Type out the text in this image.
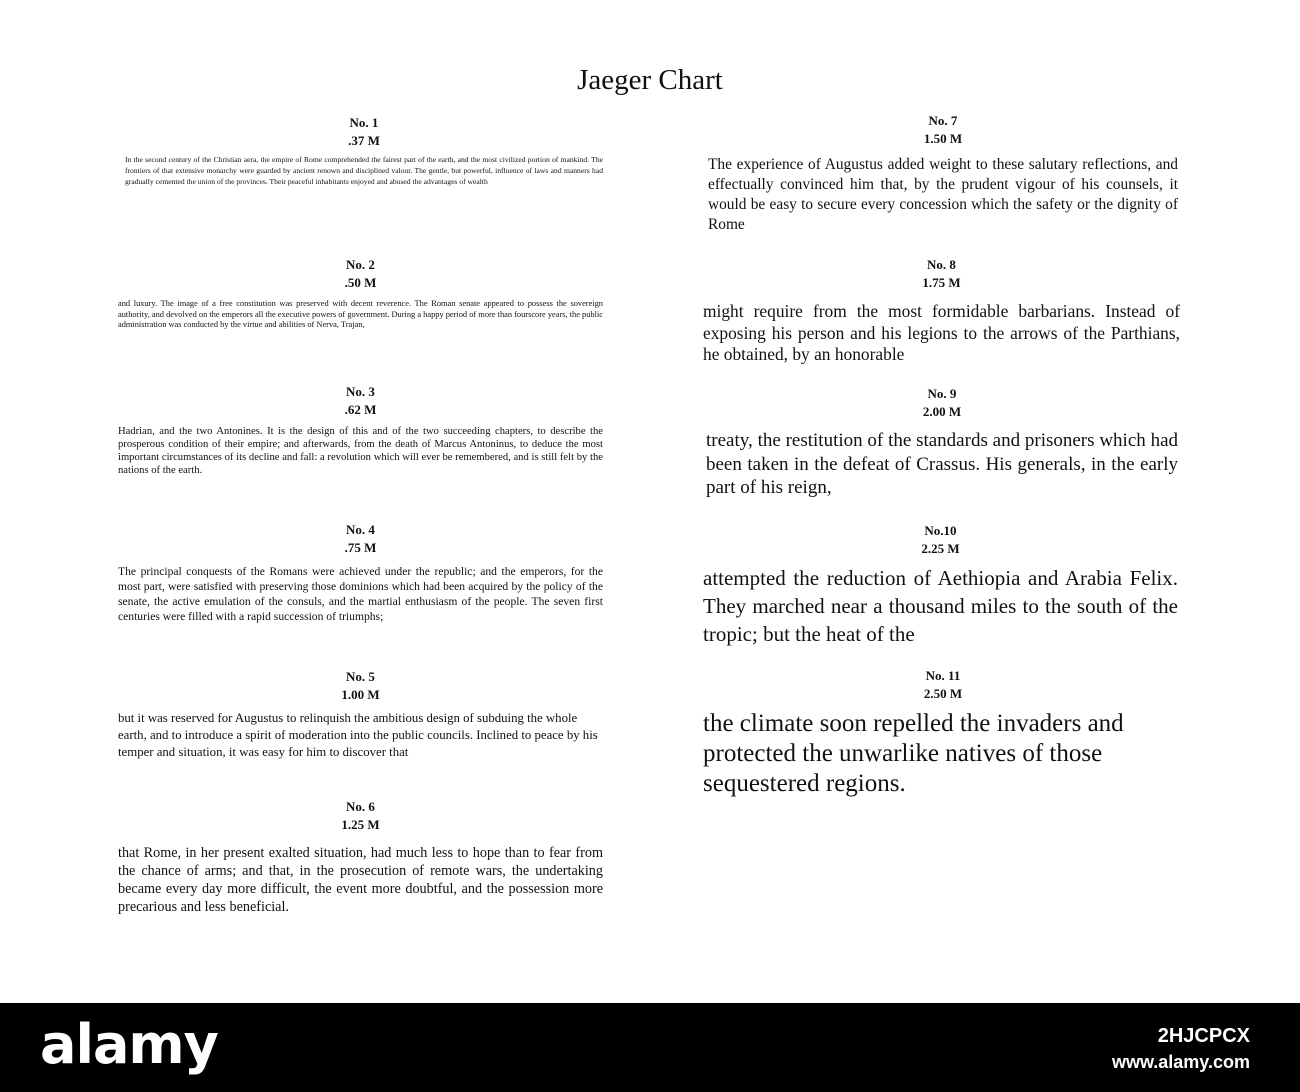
Jaeger Chart
No. 1
.37 M
In the second century of the Christian aera, the empire of Rome comprehended the fairest part of the earth, and the most civilized portion of mankind. The frontiers of that extensive monarchy were guarded by ancient renown and disciplined valour. The gentle, but powerful, influence of laws and manners had gradually cemented the union of the provinces. Their peaceful inhabitants enjoyed and abused the advantages of wealth
No. 2
.50 M
and luxury. The image of a free constitution was preserved with decent reverence. The Roman senate appeared to possess the sovereign authority, and devolved on the emperors all the executive powers of government. During a happy period of more than fourscore years, the public administration was conducted by the virtue and abilities of Nerva, Trajan,
No. 3
.62 M
Hadrian, and the two Antonines. It is the design of this and of the two succeeding chapters, to describe the prosperous condition of their empire; and afterwards, from the death of Marcus Antoninus, to deduce the most important circumstances of its decline and fall: a revolution which will ever be remembered, and is still felt by the nations of the earth.
No. 4
.75 M
The principal conquests of the Romans were achieved under the republic; and the emperors, for the most part, were satisfied with preserving those dominions which had been acquired by the policy of the senate, the active emulation of the consuls, and the martial enthusiasm of the people. The seven first centuries were filled with a rapid succession of triumphs;
No. 5
1.00 M
but it was reserved for Augustus to relinquish the ambitious design of subduing the whole earth, and to introduce a spirit of moderation into the public councils. Inclined to peace by his temper and situation, it was easy for him to discover that
No. 6
1.25 M
that Rome, in her present exalted situation, had much less to hope than to fear from the chance of arms; and that, in the prosecution of remote wars, the undertaking became every day more difficult, the event more doubtful, and the possession more precarious and less beneficial.
No. 7
1.50 M
The experience of Augustus added weight to these salutary reflections, and effectually convinced him that, by the prudent vigour of his counsels, it would be easy to secure every concession which the safety or the dignity of Rome
No. 8
1.75 M
might require from the most formidable barbarians. Instead of exposing his person and his legions to the arrows of the Parthians, he obtained, by an honorable
No. 9
2.00 M
treaty, the restitution of the standards and prisoners which had been taken in the defeat of Crassus. His generals, in the early part of his reign,
No.10
2.25 M
attempted the reduction of Aethiopia and Arabia Felix. They marched near a thousand miles to the south of the tropic; but the heat of the
No. 11
2.50 M
the climate soon repelled the invaders and protected the unwarlike natives of those sequestered regions.
alamy	2HJCPCX
www.alamy.com
